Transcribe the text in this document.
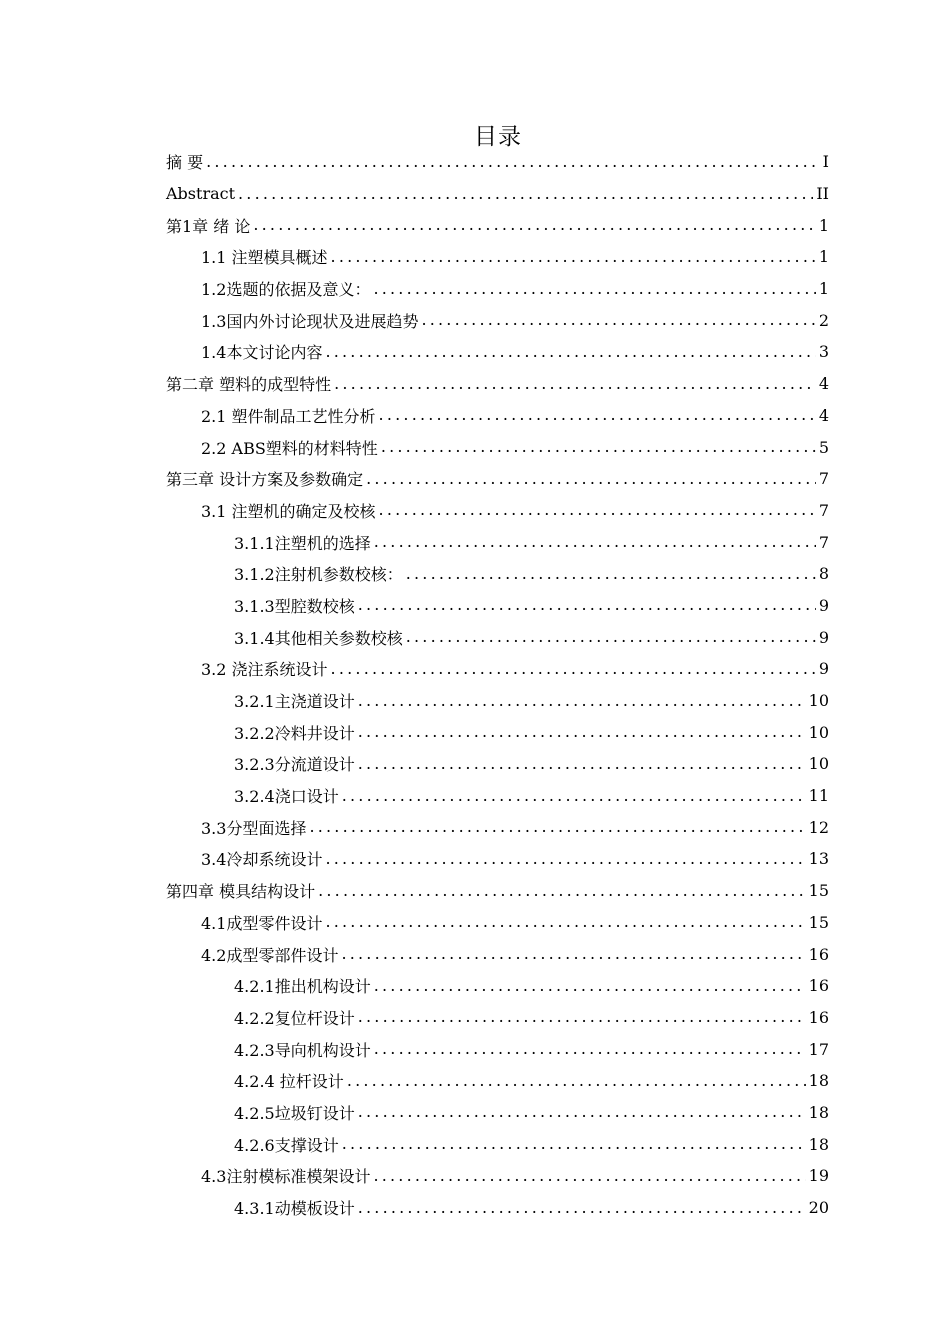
目录
摘 要 .....	I
Abstract .....	II
第1章 绪 论 .....	1
1.1 注塑模具概述 .....	1
1.2选题的依据及意义： .....	1
1.3国内外讨论现状及进展趋势 .....	2
1.4本文讨论内容 .....	3
第二章 塑料的成型特性 .....	4
2.1 塑件制品工艺性分析 .....	4
2.2 ABS塑料的材料特性 .....	5
第三章 设计方案及参数确定 .....	7
3.1 注塑机的确定及校核 .....	7
3.1.1注塑机的选择 .....	7
3.1.2注射机参数校核： .....	8
3.1.3型腔数校核 .....	9
3.1.4其他相关参数校核 .....	9
3.2 浇注系统设计 .....	9
3.2.1主浇道设计 .....	10
3.2.2冷料井设计 .....	10
3.2.3分流道设计 .....	10
3.2.4浇口设计 .....	11
3.3分型面选择 .....	12
3.4冷却系统设计 .....	13
第四章 模具结构设计 .....	15
4.1成型零件设计 .....	15
4.2成型零部件设计 .....	16
4.2.1推出机构设计 .....	16
4.2.2复位杆设计 .....	16
4.2.3导向机构设计 .....	17
4.2.4 拉杆设计 .....	18
4.2.5垃圾钉设计 .....	18
4.2.6支撑设计 .....	18
4.3注射模标准模架设计 .....	19
4.3.1动模板设计 .....	20
